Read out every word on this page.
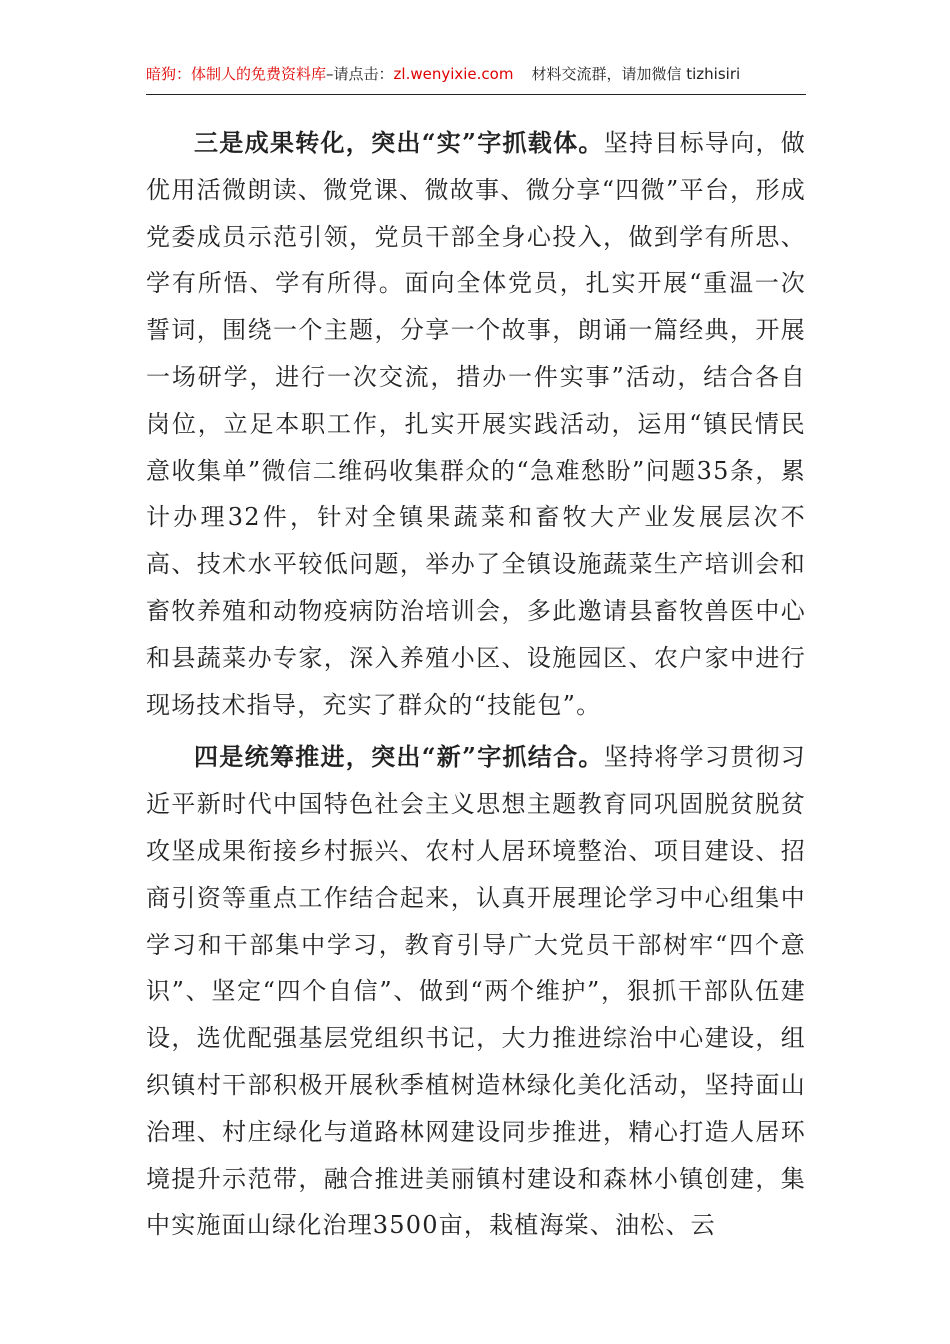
暗狗：体制人的免费资料库–请点击：zl.wenyixie.com 材料交流群，请加微信 tizhisiri

三是成果转化，突出“实”字抓载体。坚持目标导向，做优用活微朗读、微党课、微故事、微分享“四微”平台，形成党委成员示范引领，党员干部全身心投入，做到学有所思、学有所悟、学有所得。面向全体党员，扎实开展“重温一次誓词，围绕一个主题，分享一个故事，朗诵一篇经典，开展一场研学，进行一次交流，措办一件实事”活动，结合各自岗位，立足本职工作，扎实开展实践活动，运用“镇民情民意收集单”微信二维码收集群众的“急难愁盼”问题35条，累计办理32件，针对全镇果蔬菜和畜牧大产业发展层次不高、技术水平较低问题，举办了全镇设施蔬菜生产培训会和畜牧养殖和动物疫病防治培训会，多此邀请县畜牧兽医中心和县蔬菜办专家，深入养殖小区、设施园区、农户家中进行现场技术指导，充实了群众的“技能包”。

四是统筹推进，突出“新”字抓结合。坚持将学习贯彻习近平新时代中国特色社会主义思想主题教育同巩固脱贫脱贫攻坚成果衔接乡村振兴、农村人居环境整治、项目建设、招商引资等重点工作结合起来，认真开展理论学习中心组集中学习和干部集中学习，教育引导广大党员干部树牢“四个意识”、坚定“四个自信”、做到“两个维护”，狠抓干部队伍建设，选优配强基层党组织书记，大力推进综治中心建设，组织镇村干部积极开展秋季植树造林绿化美化活动，坚持面山治理、村庄绿化与道路林网建设同步推进，精心打造人居环境提升示范带，融合推进美丽镇村建设和森林小镇创建，集中实施面山绿化治理3500亩，栽植海棠、油松、云
